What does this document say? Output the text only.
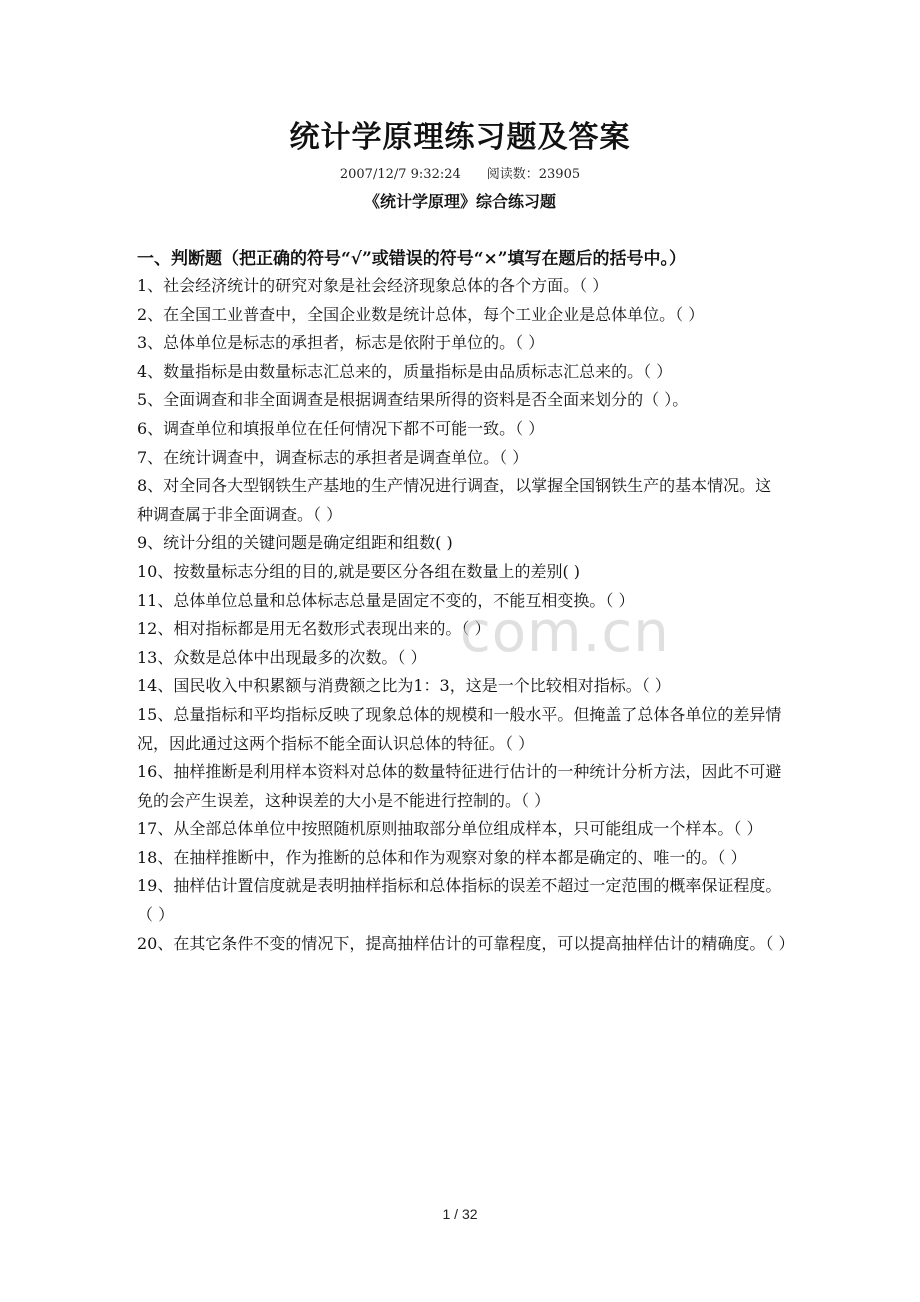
统计学原理练习题及答案
2007/12/7 9:32:24 阅读数：23905
《统计学原理》综合练习题
一、判断题（把正确的符号“√”或错误的符号“×”填写在题后的括号中。）

1、社会经济统计的研究对象是社会经济现象总体的各个方面。（ ）

2、在全国工业普查中，全国企业数是统计总体，每个工业企业是总体单位。（ ）

3、总体单位是标志的承担者，标志是依附于单位的。（ ）

4、数量指标是由数量标志汇总来的，质量指标是由品质标志汇总来的。（ ）

5、全面调查和非全面调查是根据调查结果所得的资料是否全面来划分的（ ）。

6、调查单位和填报单位在任何情况下都不可能一致。（ ）

7、在统计调查中，调查标志的承担者是调查单位。（ ）

8、对全同各大型钢铁生产基地的生产情况进行调查，以掌握全国钢铁生产的基本情况。这种调查属于非全面调查。（ ）

9、统计分组的关键问题是确定组距和组数( )

10、按数量标志分组的目的,就是要区分各组在数量上的差别( )

11、总体单位总量和总体标志总量是固定不变的，不能互相变换。（ ）

12、相对指标都是用无名数形式表现出来的。（ ）

13、众数是总体中出现最多的次数。（ ）

14、国民收入中积累额与消费额之比为1：3，这是一个比较相对指标。（ ）

15、总量指标和平均指标反映了现象总体的规模和一般水平。但掩盖了总体各单位的差异情况，因此通过这两个指标不能全面认识总体的特征。（ ）

16、抽样推断是利用样本资料对总体的数量特征进行估计的一种统计分析方法，因此不可避免的会产生误差，这种误差的大小是不能进行控制的。（ ）

17、从全部总体单位中按照随机原则抽取部分单位组成样本，只可能组成一个样本。（ ）

18、在抽样推断中，作为推断的总体和作为观察对象的样本都是确定的、唯一的。（ ）

19、抽样估计置信度就是表明抽样指标和总体指标的误差不超过一定范围的概率保证程度。（ ）

20、在其它条件不变的情况下，提高抽样估计的可靠程度，可以提高抽样估计的精确度。（ ）

com.cn
1 / 32
